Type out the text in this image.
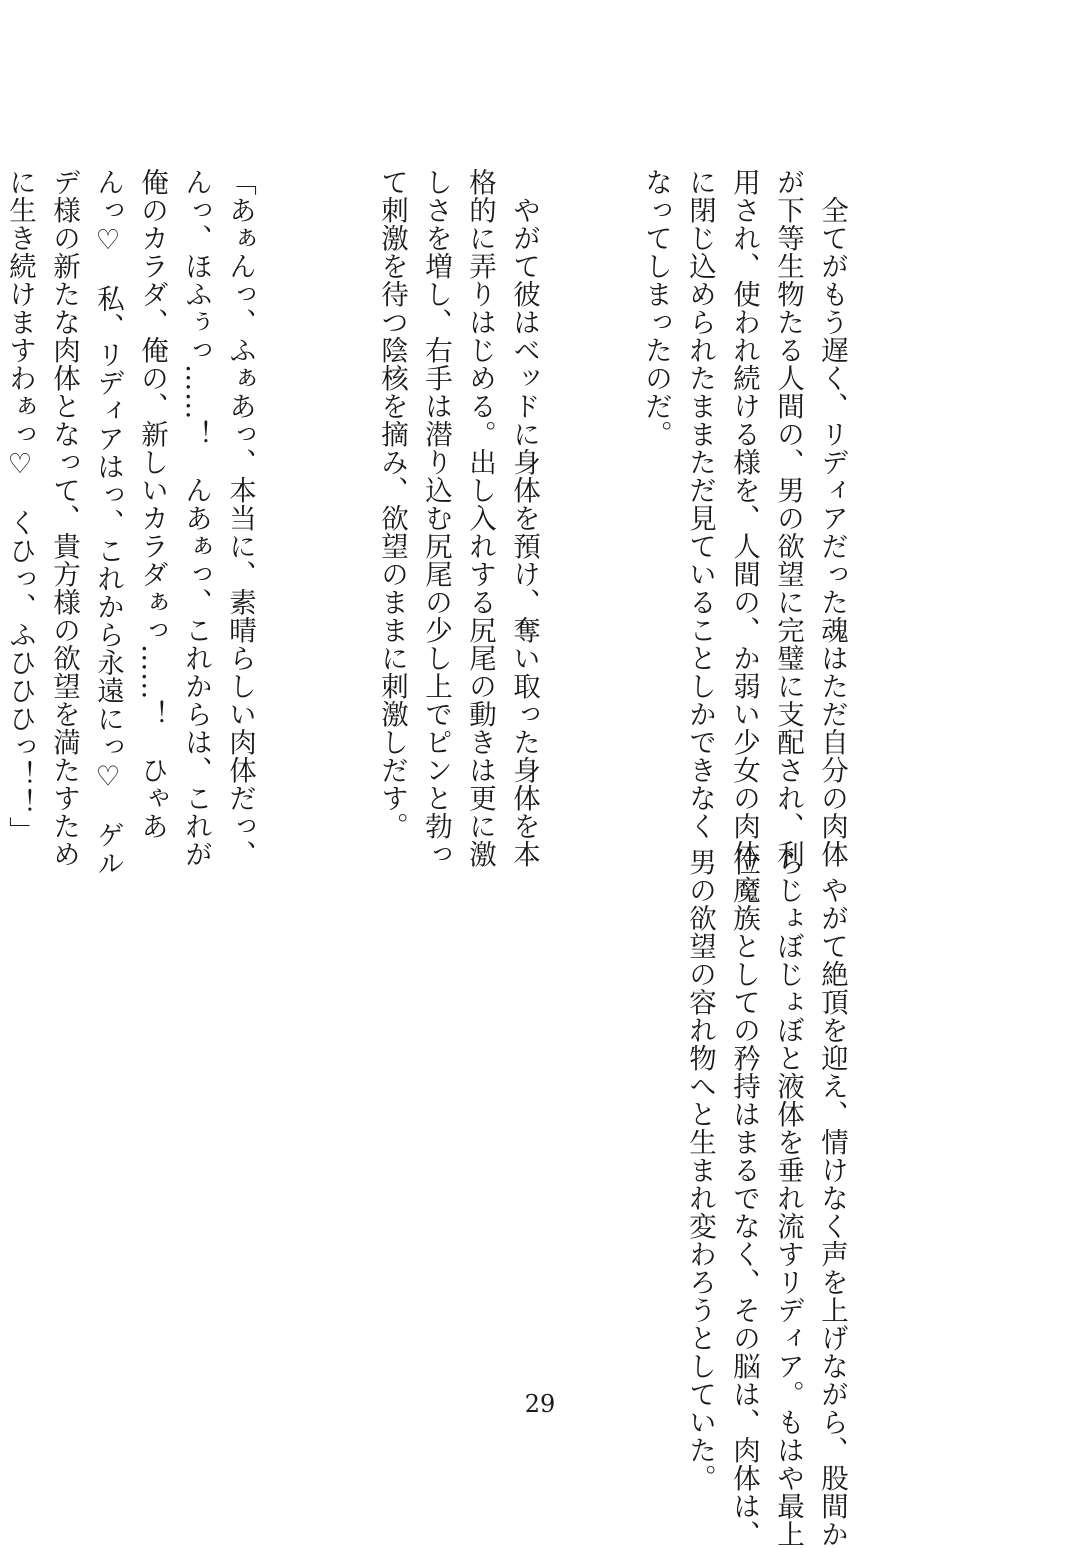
　全てがもう遅く、リディアだった魂はただ自分の肉体
が下等生物たる人間の、男の欲望に完璧に支配され、利
用され、使われ続ける様を、人間の、か弱い少女の肉体
に閉じ込められたままただ見ていることしかできなく
なってしまったのだ。

　やがて彼はベッドに身体を預け、奪い取った身体を本
格的に弄りはじめる。出し入れする尻尾の動きは更に激
しさを増し、右手は潜り込む尻尾の少し上でピンと勃っ
て刺激を待つ陰核を摘み、欲望のままに刺激しだす。

「あぁんっ、ふぁあっ、本当に、素晴らしい肉体だっ、
んっ、ほふぅっ……！　んあぁっ、これからは、これが
俺のカラダ、俺の、新しいカラダぁっ……！　ひゃあ
んっ♡　私、リディアはっ、これから永遠にっ♡　ゲル
デ様の新たな肉体となって、貴方様の欲望を満たすため
に生き続けますわぁっ♡　くひっ、ふひひひっ！！」

　やがて絶頂を迎え、情けなく声を上げながら、股間か
らじょぼじょぼと液体を垂れ流すリディア。もはや最上
位魔族としての矜持はまるでなく、その脳は、肉体は、
男の欲望の容れ物へと生まれ変わろうとしていた。

29
